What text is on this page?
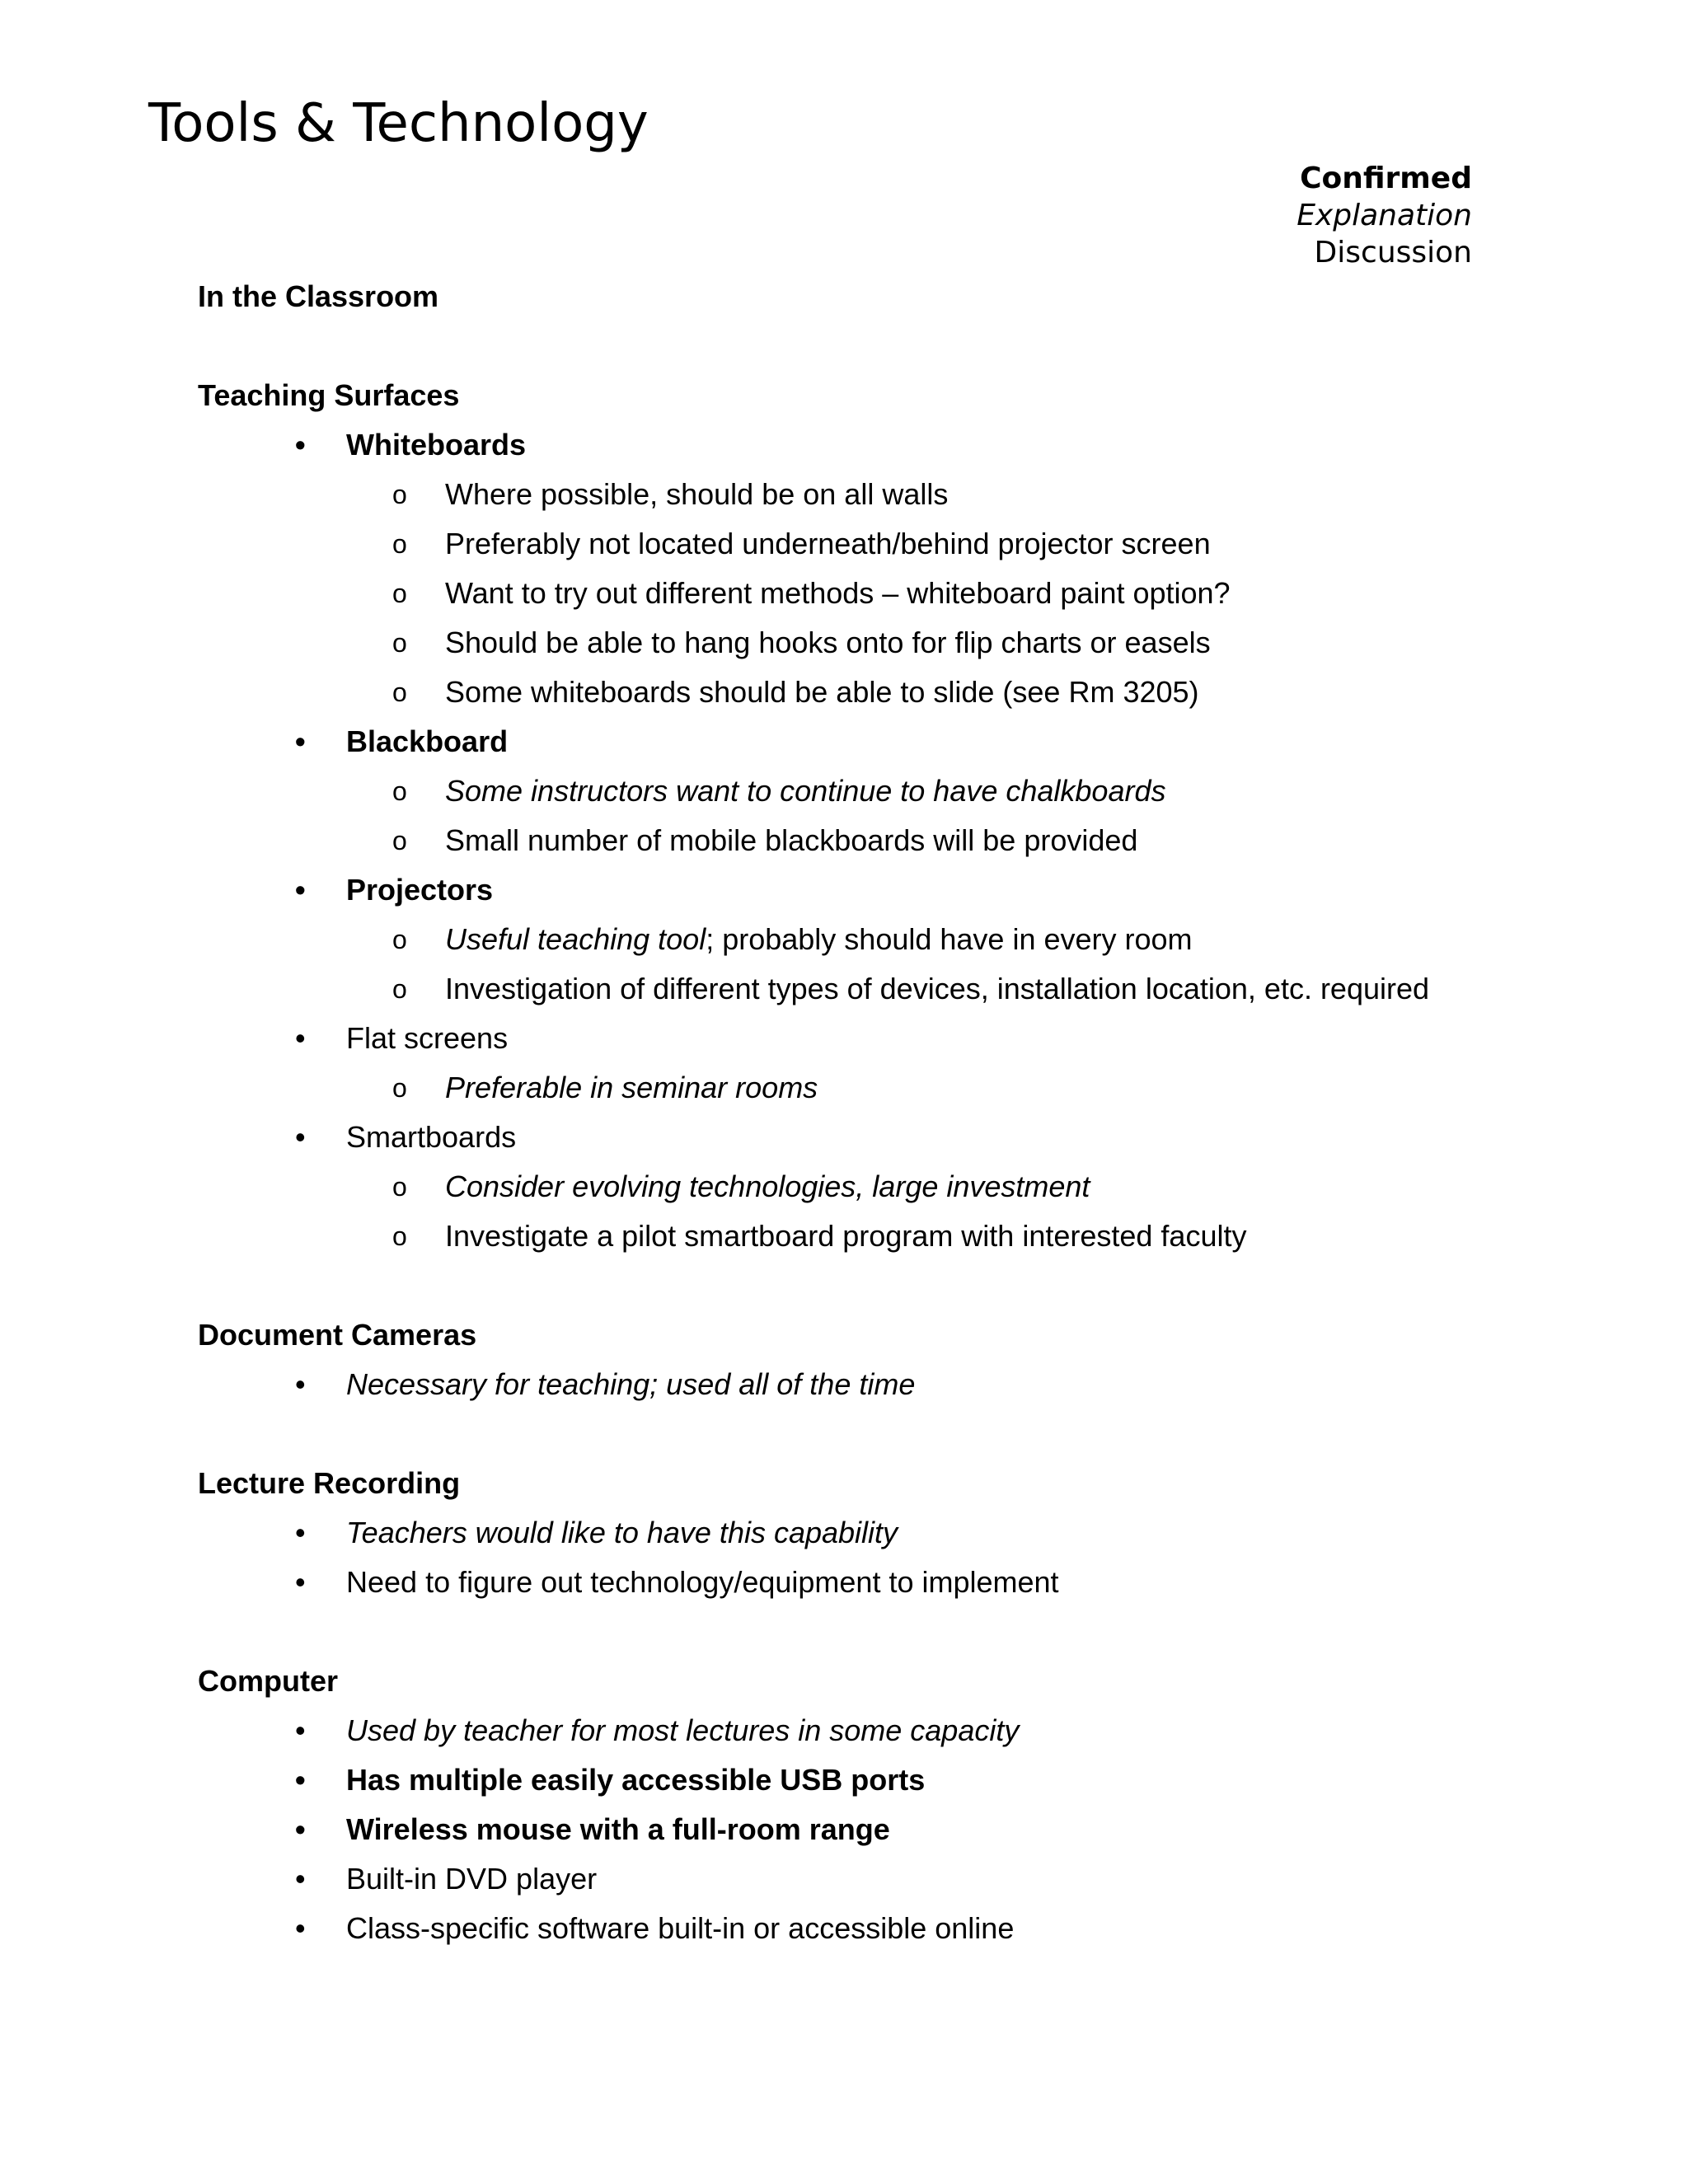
Tools & Technology
Confirmed
Explanation
Discussion
In the Classroom
Teaching Surfaces
•	Whiteboards
o	Where possible, should be on all walls
o	Preferably not located underneath/behind projector screen
o	Want to try out different methods – whiteboard paint option?
o	Should be able to hang hooks onto for flip charts or easels
o	Some whiteboards should be able to slide (see Rm 3205)
•	Blackboard
o	Some instructors want to continue to have chalkboards
o	Small number of mobile blackboards will be provided
•	Projectors
o	Useful teaching tool; probably should have in every room
o	Investigation of different types of devices, installation location, etc. required
•	Flat screens
o	Preferable in seminar rooms
•	Smartboards
o	Consider evolving technologies, large investment
o	Investigate a pilot smartboard program with interested faculty
Document Cameras
•	Necessary for teaching; used all of the time
Lecture Recording
•	Teachers would like to have this capability
•	Need to figure out technology/equipment to implement
Computer
•	Used by teacher for most lectures in some capacity
•	Has multiple easily accessible USB ports
•	Wireless mouse with a full-room range
•	Built-in DVD player
•	Class-specific software built-in or accessible online
